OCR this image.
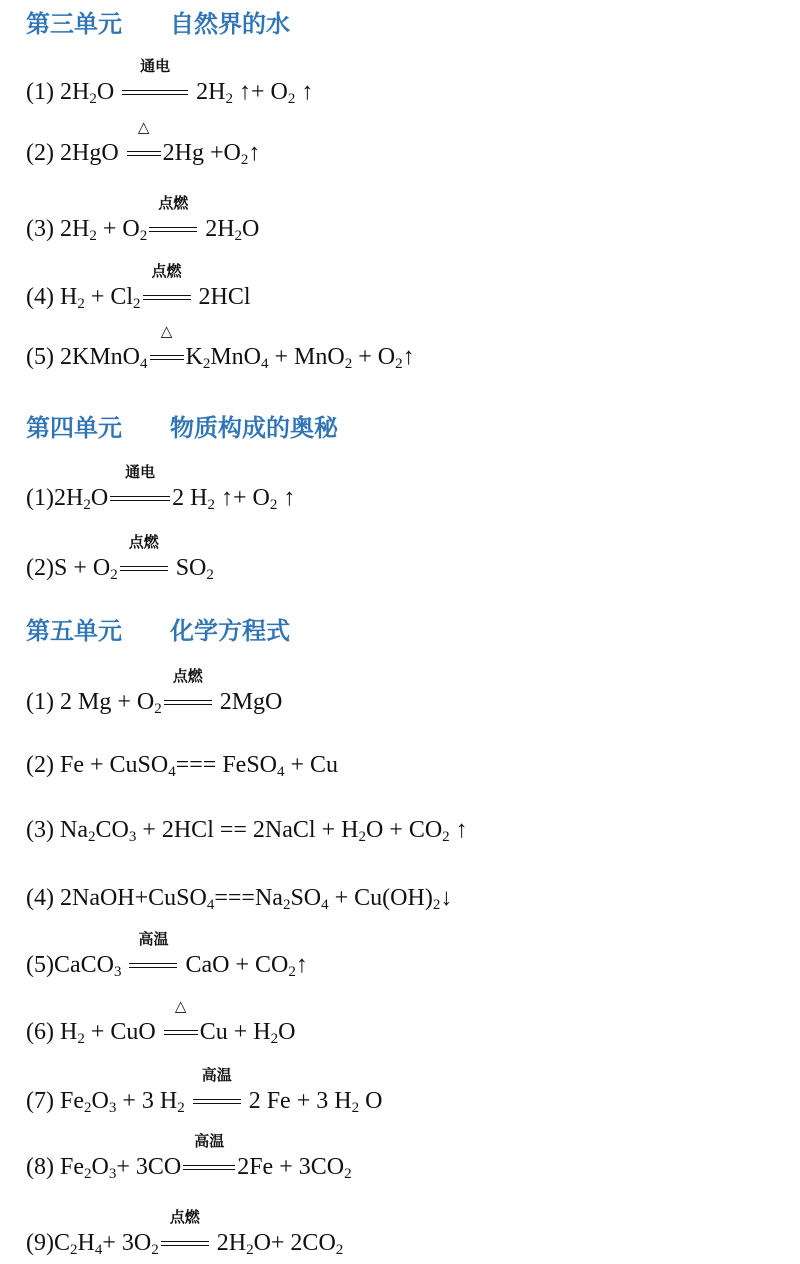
第三单元　　自然界的水
(1) $2H_2O$
通电
$2H_2$ ↑+ $O_2$ ↑
(2) 2HgO
△
$2Hg +O_2↑$
(3) $2H_2 + O_2$
点燃
$2H_2O$
(4) $H_2 + Cl_2$
点燃
2HCl
(5) 2KMnO$_4$
△
$K_2MnO_4 + MnO_2$ + $O_2↑$
第四单元　　物质构成的奥秘
$(1)2H_2O$
通电
2 $H_2$ ↑+ $O_2$ ↑
$(2)S + O_2$
点燃
$SO_2$
第五单元　　化学方程式
(1) 2 $Mg + O_2$
点燃
2MgO
(2) Fe + CuSO$_4$=== FeSO$_4$ + Cu
(3) $Na_2CO_3 + 2HCl$ == 2NaCl + $H_2O + CO_2$ ↑
(4) $2NaOH+CuSO_4===Na_2SO_4$ + $Cu(OH)_2↓$
(5)CaCO$_3$
高温
CaO + $CO_2↑$
(6) $H_2$ + CuO
△
$Cu + H_2O$
(7) $Fe_2O_3 + 3$ $H_2$
高温
2 Fe + 3 $H_2$ O
(8) $Fe_2O_3+ 3CO$
高温
$2Fe + 3CO_2$
$(9)C_2H_4+ 3O_2$
点燃
$2H_2O+ 2CO_2$
